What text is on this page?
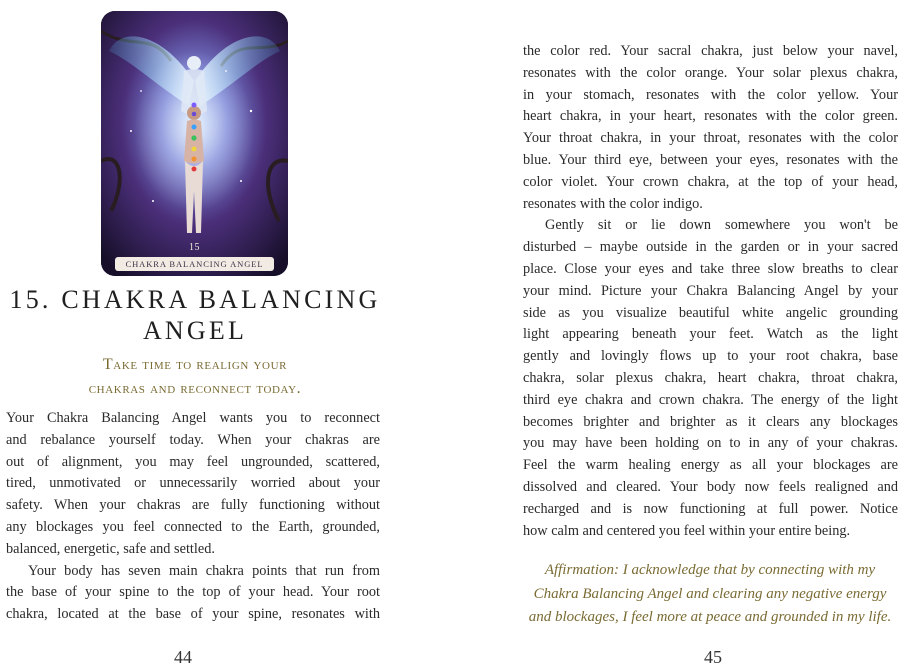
15
CHAKRA BALANCING ANGEL
15. CHAKRA BALANCING
ANGEL
Take time to realign your
chakras and reconnect today.
Your Chakra Balancing Angel wants you to reconnect
and rebalance yourself today. When your chakras are
out of alignment, you may feel ungrounded, scattered,
tired, unmotivated or unnecessarily worried about your
safety. When your chakras are fully functioning without
any blockages you feel connected to the Earth, grounded,
balanced, energetic, safe and settled.
Your body has seven main chakra points that run from
the base of your spine to the top of your head. Your root
chakra, located at the base of your spine, resonates with
44
the color red. Your sacral chakra, just below your navel,
resonates with the color orange. Your solar plexus chakra,
in your stomach, resonates with the color yellow. Your
heart chakra, in your heart, resonates with the color green.
Your throat chakra, in your throat, resonates with the color
blue. Your third eye, between your eyes, resonates with the
color violet. Your crown chakra, at the top of your head,
resonates with the color indigo.
Gently sit or lie down somewhere you won't be
disturbed – maybe outside in the garden or in your sacred
place. Close your eyes and take three slow breaths to clear
your mind. Picture your Chakra Balancing Angel by your
side as you visualize beautiful white angelic grounding
light appearing beneath your feet. Watch as the light
gently and lovingly flows up to your root chakra, base
chakra, solar plexus chakra, heart chakra, throat chakra,
third eye chakra and crown chakra. The energy of the light
becomes brighter and brighter as it clears any blockages
you may have been holding on to in any of your chakras.
Feel the warm healing energy as all your blockages are
dissolved and cleared. Your body now feels realigned and
recharged and is now functioning at full power. Notice
how calm and centered you feel within your entire being.
Affirmation: I acknowledge that by connecting with my
Chakra Balancing Angel and clearing any negative energy
and blockages, I feel more at peace and grounded in my life.
45
